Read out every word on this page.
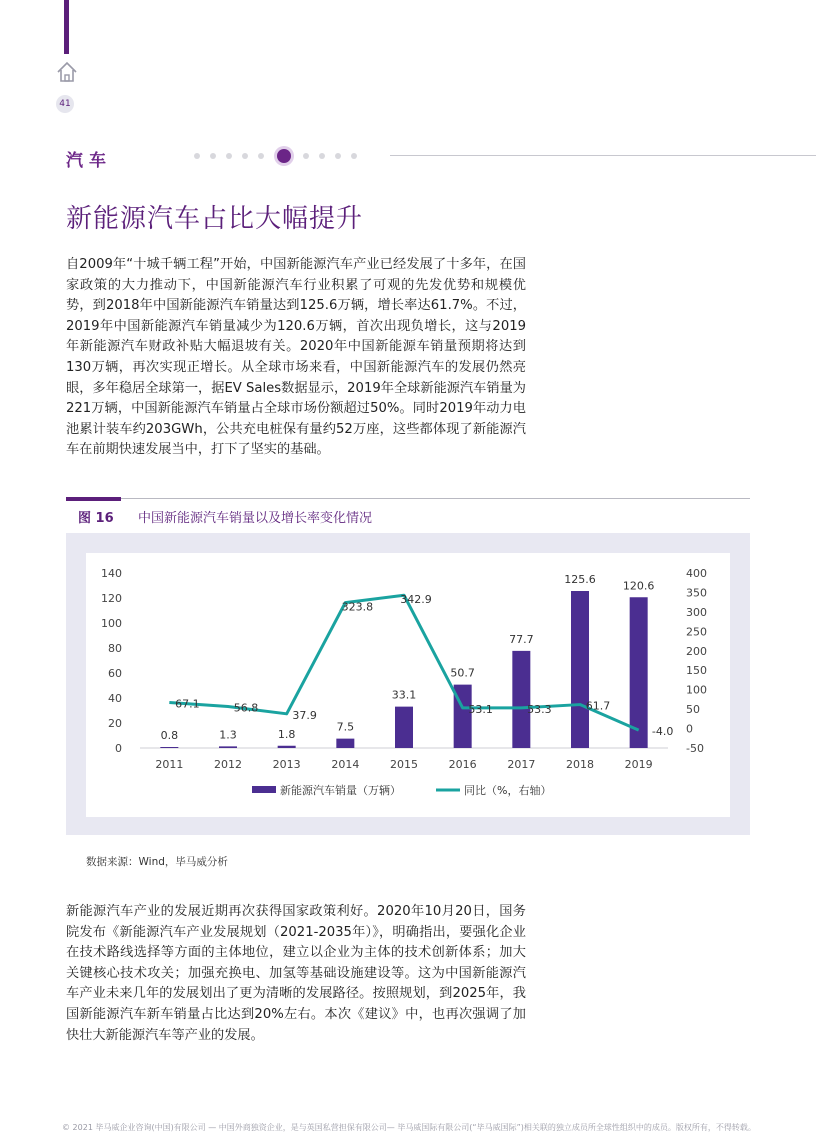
41
汽车
新能源汽车占比大幅提升

自2009年“十城千辆工程”开始，中国新能源汽车产业已经发展了十多年，在国家政策的大力推动下，中国新能源汽车行业积累了可观的先发优势和规模优势，到2018年中国新能源汽车销量达到125.6万辆，增长率达61.7%。不过，2019年中国新能源汽车销量减少为120.6万辆，首次出现负增长，这与2019年新能源汽车财政补贴大幅退坡有关。2020年中国新能源车销量预期将达到130万辆，再次实现正增长。从全球市场来看，中国新能源汽车的发展仍然亮眼，多年稳居全球第一，据EV Sales数据显示，2019年全球新能源汽车销量为221万辆，中国新能源汽车销量占全球市场份额超过50%。同时2019年动力电池累计装车约203GWh，公共充电桩保有量约52万座，这些都体现了新能源汽车在前期快速发展当中，打下了坚实的基础。

图 16 中国新能源汽车销量以及增长率变化情况
0
20
40
60
80
100
120
140
-50
0
50
100
150
200
250
300
350
400
2011	2012	2013	2014	2015	2016	2017	2018	2019
0.8	1.3	1.8
7.5
33.1
50.7
77.7
125.6 120.6
67.1	56.8
37.9
323.8
342.9
53.1	53.3	61.7
-4.0
新能源汽车销量（万辆）	同比（%，右轴）
数据来源：Wind，毕马威分析

新能源汽车产业的发展近期再次获得国家政策利好。2020年10月20日，国务院发布《新能源汽车产业发展规划（2021-2035年）》，明确指出，要强化企业在技术路线选择等方面的主体地位，建立以企业为主体的技术创新体系；加大关键核心技术攻关；加强充换电、加氢等基础设施建设等。这为中国新能源汽车产业未来几年的发展划出了更为清晰的发展路径。按照规划，到2025年，我国新能源汽车新车销量占比达到20%左右。本次《建议》中，也再次强调了加快壮大新能源汽车等产业的发展。

© 2021 毕马威企业咨询(中国)有限公司 — 中国外商独资企业，是与英国私营担保有限公司— 毕马威国际有限公司(“毕马威国际”)相关联的独立成员所全球性组织中的成员。版权所有，不得转载。
